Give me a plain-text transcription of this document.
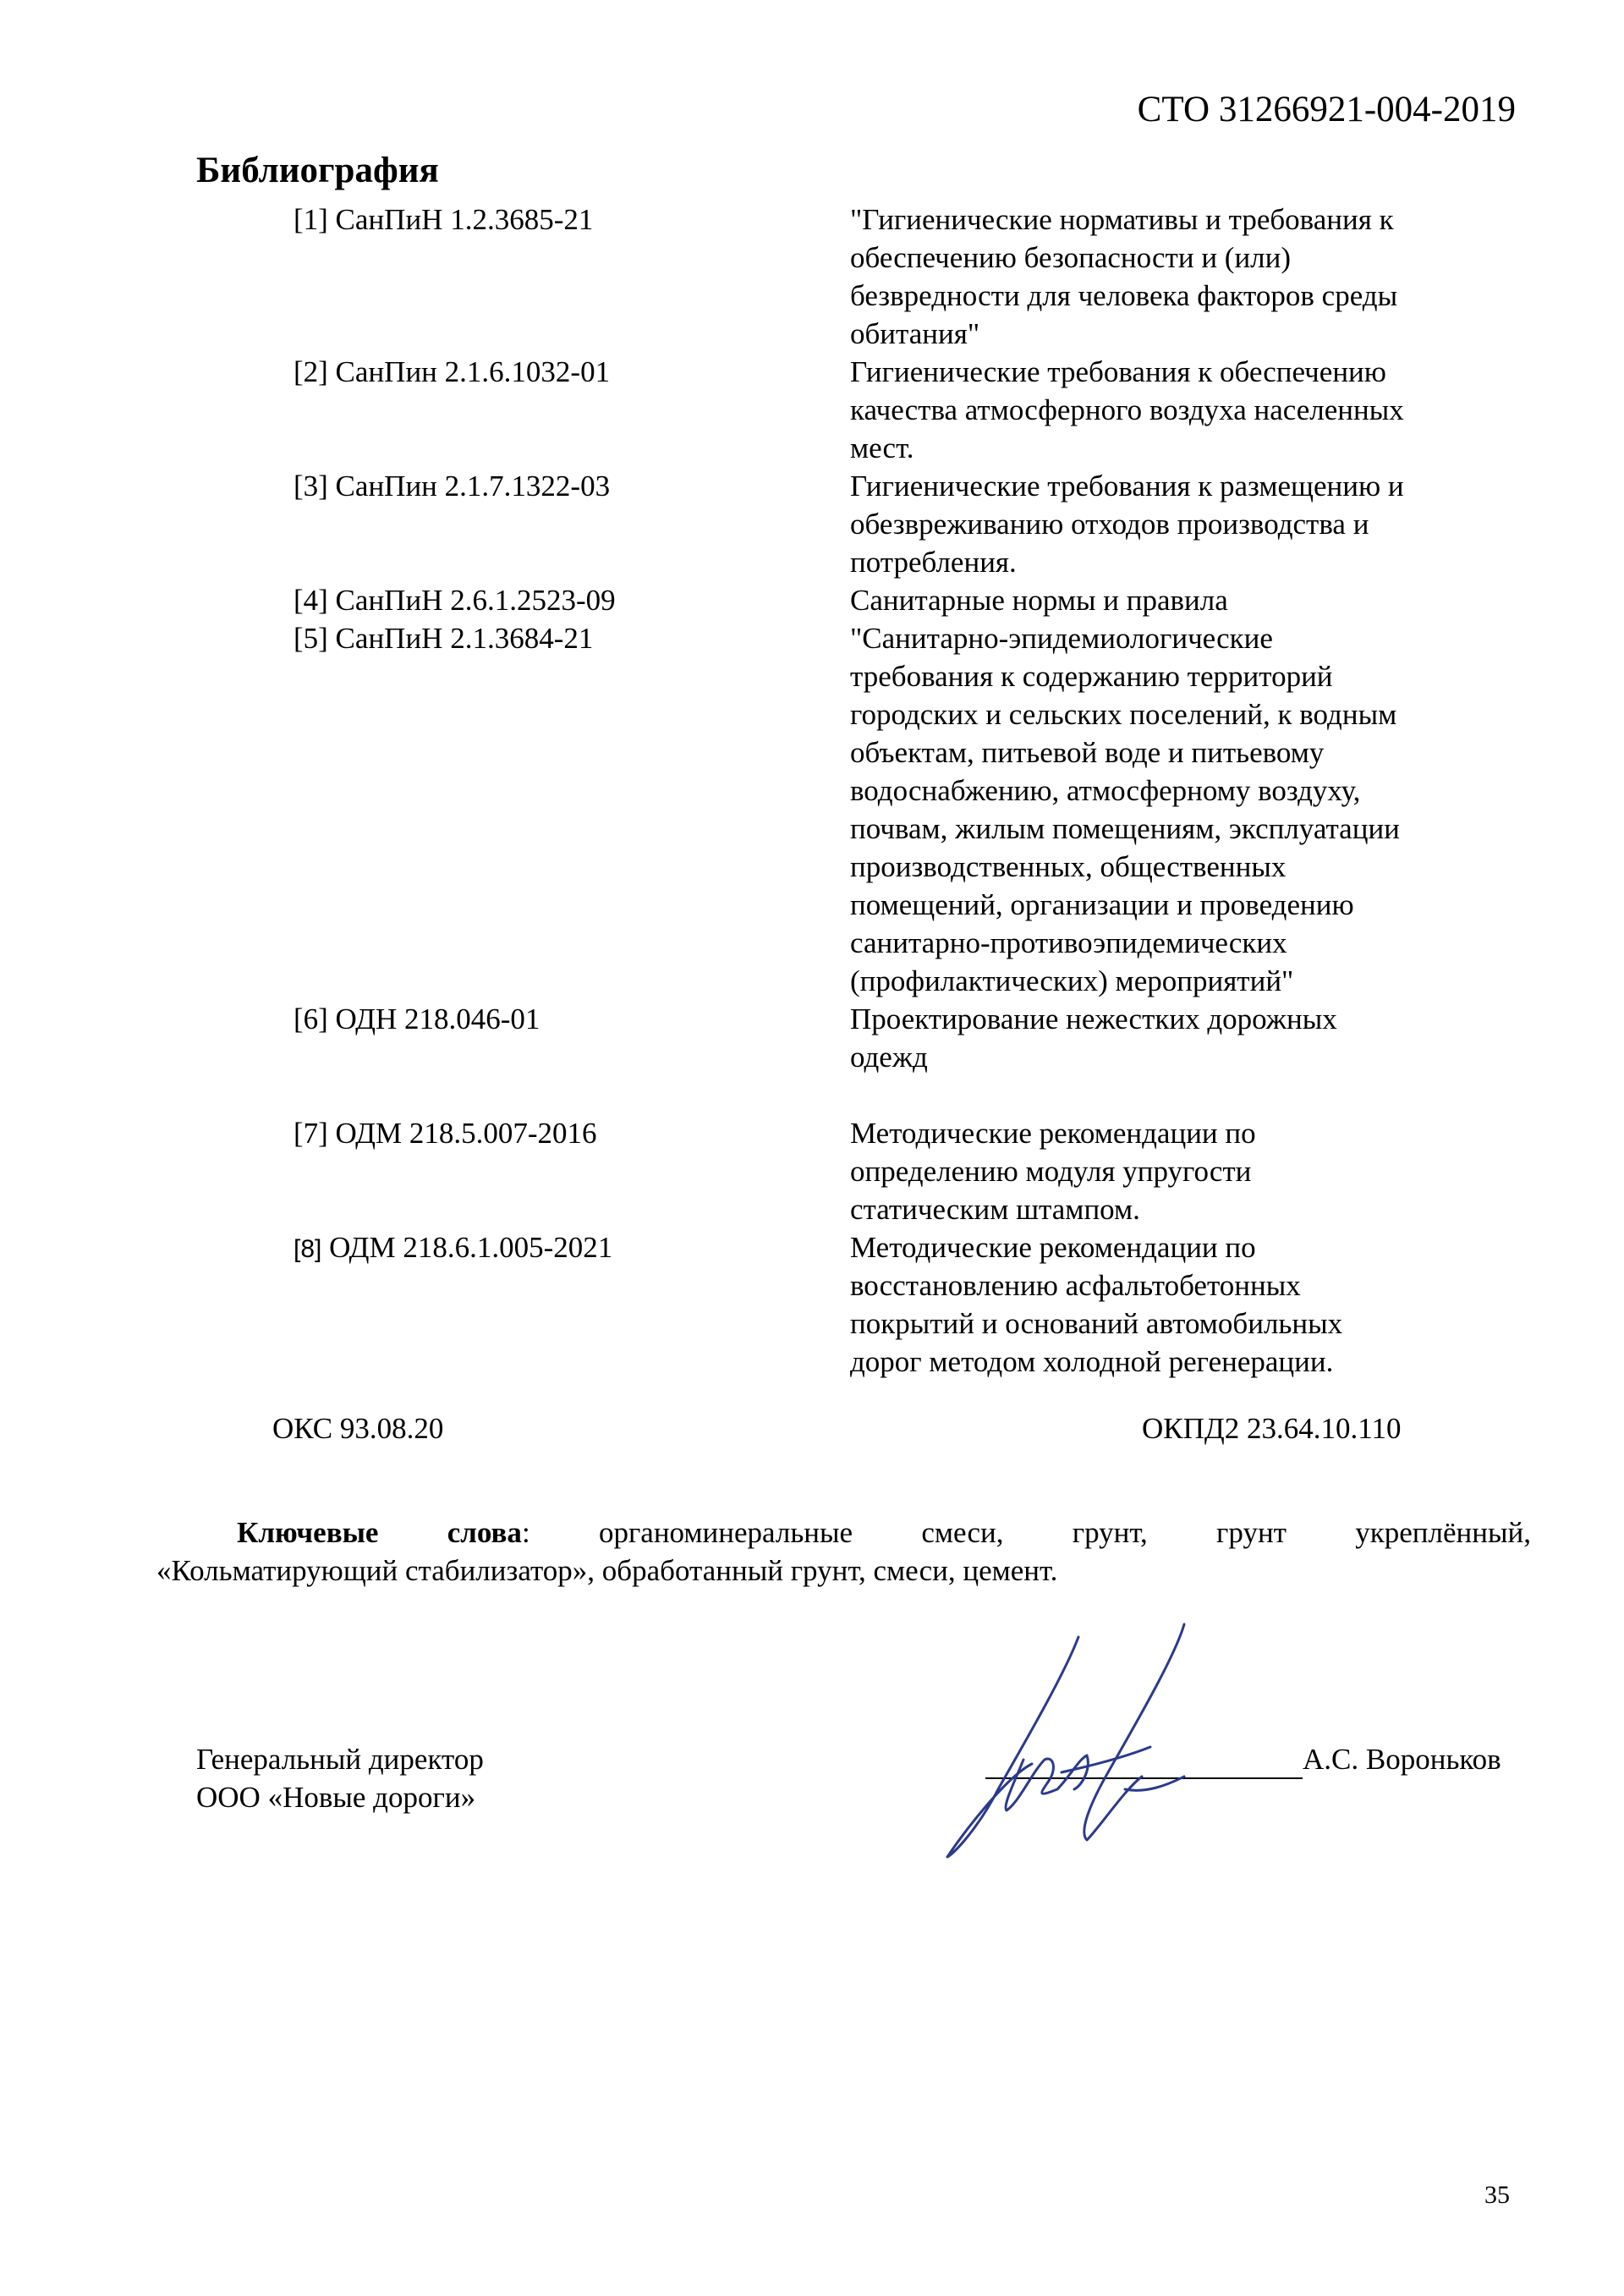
СТО 31266921-004-2019
Библиография
[1] СанПиН 1.2.3685-21	"Гигиенические нормативы и требования к
обеспечению безопасности и (или)
безвредности для человека факторов среды
обитания"
[2] СанПин 2.1.6.1032-01	Гигиенические требования к обеспечению
качества атмосферного воздуха населенных
мест.
[3] СанПин 2.1.7.1322-03	Гигиенические требования к размещению и
обезвреживанию отходов производства и
потребления.
[4] СанПиН 2.6.1.2523-09	Санитарные нормы и правила
[5] СанПиН 2.1.3684-21	"Санитарно-эпидемиологические
требования к содержанию территорий
городских и сельских поселений, к водным
объектам, питьевой воде и питьевому
водоснабжению, атмосферному воздуху,
почвам, жилым помещениям, эксплуатации
производственных, общественных
помещений, организации и проведению
санитарно-противоэпидемических
(профилактических) мероприятий"
[6] ОДН 218.046-01	Проектирование нежестких дорожных
одежд
[7] ОДМ 218.5.007-2016	Методические рекомендации по
определению модуля упругости
статическим штампом.
[8] ОДМ 218.6.1.005-2021	Методические рекомендации по
восстановлению асфальтобетонных
покрытий и оснований автомобильных
дорог методом холодной регенерации.
ОКС 93.08.20	ОКПД2 23.64.10.110
Ключевые слова: органоминеральные смеси, грунт, грунт укреплённый,
«Кольматирующий стабилизатор», обработанный грунт, смеси, цемент.
Генеральный директор
ООО «Новые дороги»
А.С. Вороньков
35
